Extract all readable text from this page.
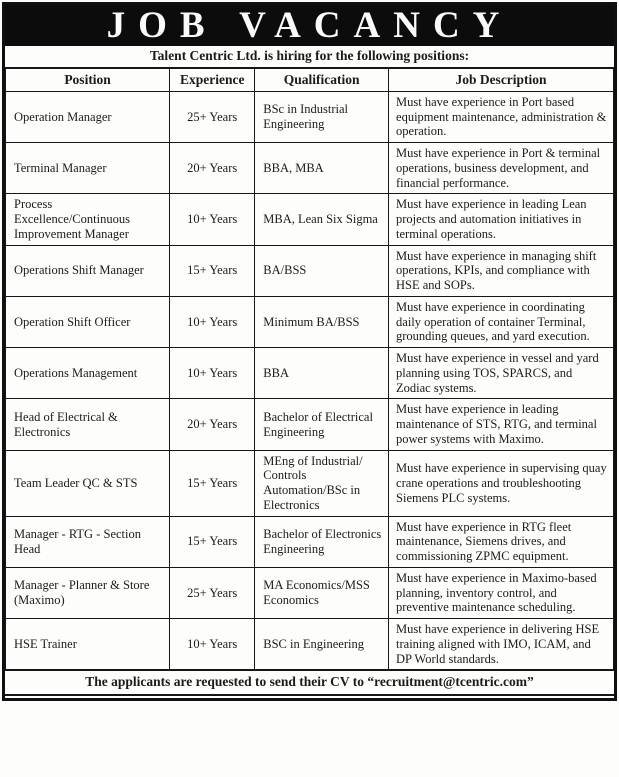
JOB VACANCY
Talent Centric Ltd. is hiring for the following positions:
Position	Experience	Qualification	Job Description
Operation Manager	25+ Years	BSc in Industrial Engineering	Must have experience in Port based equipment maintenance, administration & operation.
Terminal Manager	20+ Years	BBA, MBA	Must have experience in Port & terminal operations, business development, and financial performance.
Process Excellence/Continuous Improvement Manager	10+ Years	MBA, Lean Six Sigma	Must have experience in leading Lean projects and automation initiatives in terminal operations.
Operations Shift Manager	15+ Years	BA/BSS	Must have experience in managing shift operations, KPIs, and compliance with HSE and SOPs.
Operation Shift Officer	10+ Years	Minimum BA/BSS	Must have experience in coordinating daily operation of container Terminal, grounding queues, and yard execution.
Operations Management	10+ Years	BBA	Must have experience in vessel and yard planning using TOS, SPARCS, and Zodiac systems.
Head of Electrical & Electronics	20+ Years	Bachelor of Electrical Engineering	Must have experience in leading maintenance of STS, RTG, and terminal power systems with Maximo.
Team Leader QC & STS	15+ Years	MEng of Industrial/ Controls Automation/BSc in Electronics	Must have experience in supervising quay crane operations and troubleshooting Siemens PLC systems.
Manager - RTG - Section Head	15+ Years	Bachelor of Electronics Engineering	Must have experience in RTG fleet maintenance, Siemens drives, and commissioning ZPMC equipment.
Manager - Planner & Store (Maximo)	25+ Years	MA Economics/MSS Economics	Must have experience in Maximo-based planning, inventory control, and preventive maintenance scheduling.
HSE Trainer	10+ Years	BSC in Engineering	Must have experience in delivering HSE training aligned with IMO, ICAM, and DP World standards.
The applicants are requested to send their CV to “recruitment@tcentric.com”
